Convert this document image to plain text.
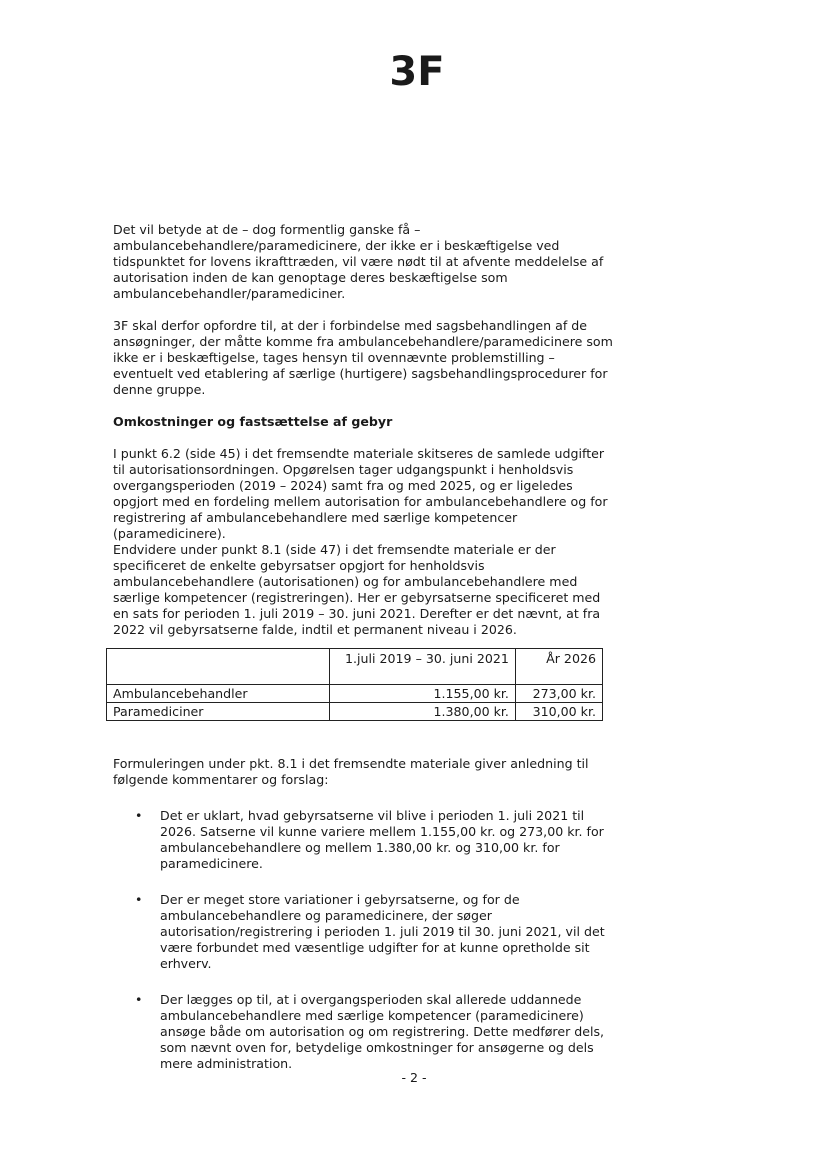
3F

Det vil betyde at de – dog formentlig ganske få – ambulancebehandlere/paramedicinere, der ikke er i beskæftigelse ved tidspunktet for lovens ikrafttræden, vil være nødt til at afvente meddelelse af autorisation inden de kan genoptage deres beskæftigelse som ambulancebehandler/paramediciner.

3F skal derfor opfordre til, at der i forbindelse med sagsbehandlingen af de ansøgninger, der måtte komme fra ambulancebehandlere/paramedicinere som ikke er i beskæftigelse, tages hensyn til ovennævnte problemstilling – eventuelt ved etablering af særlige (hurtigere) sagsbehandlingsprocedurer for denne gruppe.

Omkostninger og fastsættelse af gebyr

I punkt 6.2 (side 45) i det fremsendte materiale skitseres de samlede udgifter til autorisationsordningen. Opgørelsen tager udgangspunkt i henholdsvis overgangsperioden (2019 – 2024) samt fra og med 2025, og er ligeledes opgjort med en fordeling mellem autorisation for ambulancebehandlere og for registrering af ambulancebehandlere med særlige kompetencer (paramedicinere).

Endvidere under punkt 8.1 (side 47) i det fremsendte materiale er der specificeret de enkelte gebyrsatser opgjort for henholdsvis ambulancebehandlere (autorisationen) og for ambulancebehandlere med særlige kompetencer (registreringen). Her er gebyrsatserne specificeret med en sats for perioden 1. juli 2019 – 30. juni 2021. Derefter er det nævnt, at fra 2022 vil gebyrsatserne falde, indtil et permanent niveau i 2026.

	1.juli 2019 – 30. juni 2021	År 2026
Ambulancebehandler	1.155,00 kr.	273,00 kr.
Paramediciner	1.380,00 kr.	310,00 kr.

Formuleringen under pkt. 8.1 i det fremsendte materiale giver anledning til følgende kommentarer og forslag:

• Det er uklart, hvad gebyrsatserne vil blive i perioden 1. juli 2021 til 2026. Satserne vil kunne variere mellem 1.155,00 kr. og 273,00 kr. for ambulancebehandlere og mellem 1.380,00 kr. og 310,00 kr. for paramedicinere.
• Der er meget store variationer i gebyrsatserne, og for de ambulancebehandlere og paramedicinere, der søger autorisation/registrering i perioden 1. juli 2019 til 30. juni 2021, vil det være forbundet med væsentlige udgifter for at kunne opretholde sit erhverv.
• Der lægges op til, at i overgangsperioden skal allerede uddannede ambulancebehandlere med særlige kompetencer (paramedicinere) ansøge både om autorisation og om registrering. Dette medfører dels, som nævnt oven for, betydelige omkostninger for ansøgerne og dels mere administration.
- 2 -
